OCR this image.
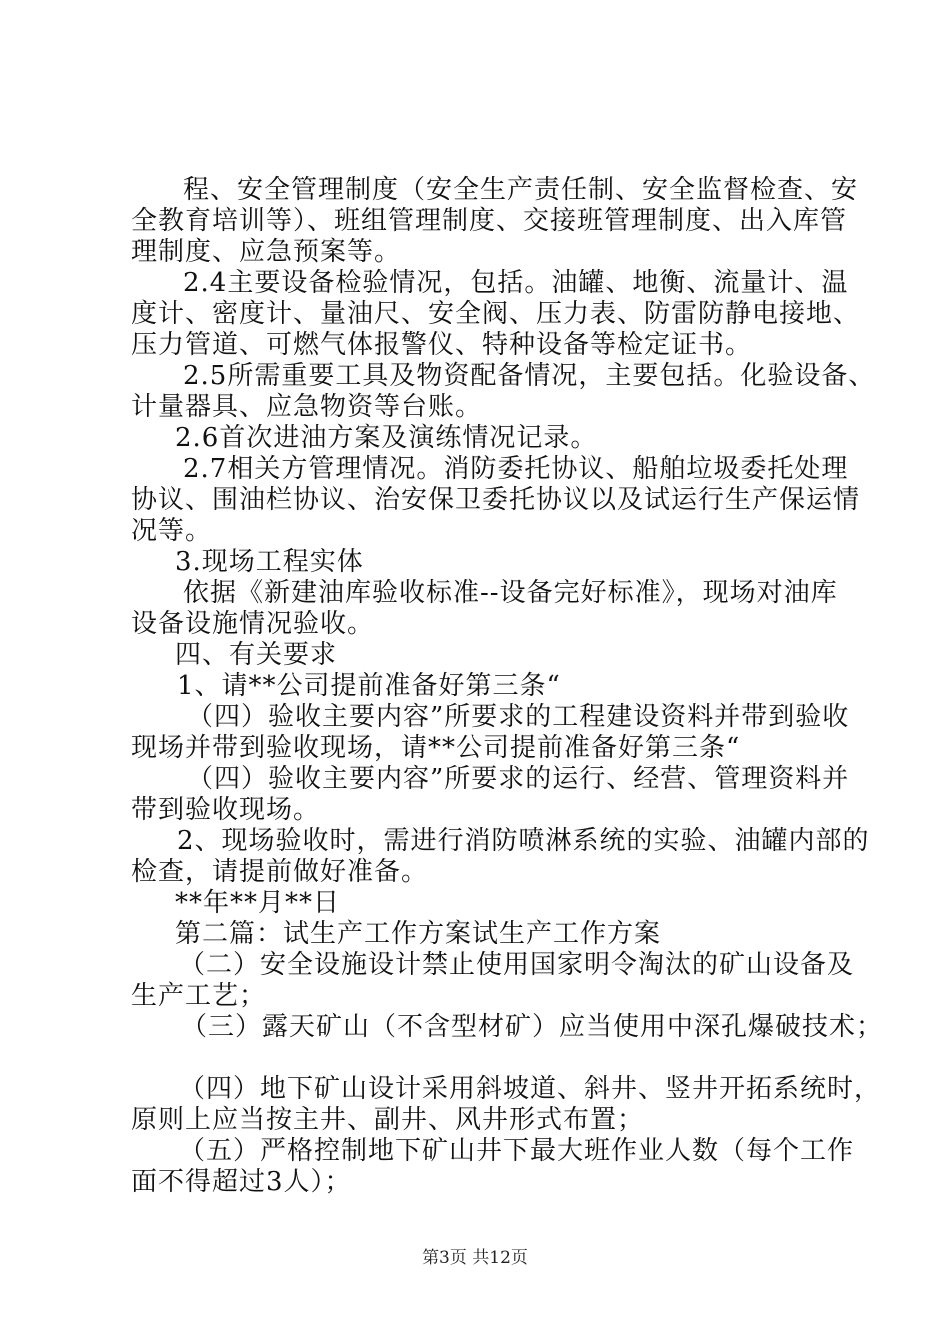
程、安全管理制度（安全生产责任制、安全监督检查、安
全教育培训等）、班组管理制度、交接班管理制度、出入库管
理制度、应急预案等。
2.4主要设备检验情况，包括。油罐、地衡、流量计、温
度计、密度计、量油尺、安全阀、压力表、防雷防静电接地、
压力管道、可燃气体报警仪、特种设备等检定证书。
2.5所需重要工具及物资配备情况，主要包括。化验设备、
计量器具、应急物资等台账。
2.6首次进油方案及演练情况记录。
2.7相关方管理情况。消防委托协议、船舶垃圾委托处理
协议、围油栏协议、治安保卫委托协议以及试运行生产保运情
况等。
3.现场工程实体
依据《新建油库验收标准--设备完好标准》，现场对油库
设备设施情况验收。
四、有关要求
1、请**公司提前准备好第三条“
（四）验收主要内容”所要求的工程建设资料并带到验收
现场并带到验收现场，请**公司提前准备好第三条“
（四）验收主要内容”所要求的运行、经营、管理资料并
带到验收现场。
2、现场验收时，需进行消防喷淋系统的实验、油罐内部的
检查，请提前做好准备。
**年**月**日
第二篇：试生产工作方案试生产工作方案
（二）安全设施设计禁止使用国家明令淘汰的矿山设备及
生产工艺；
（三）露天矿山（不含型材矿）应当使用中深孔爆破技术；
（四）地下矿山设计采用斜坡道、斜井、竖井开拓系统时，
原则上应当按主井、副井、风井形式布置；
（五）严格控制地下矿山井下最大班作业人数（每个工作
面不得超过3人）；
第3页 共12页
